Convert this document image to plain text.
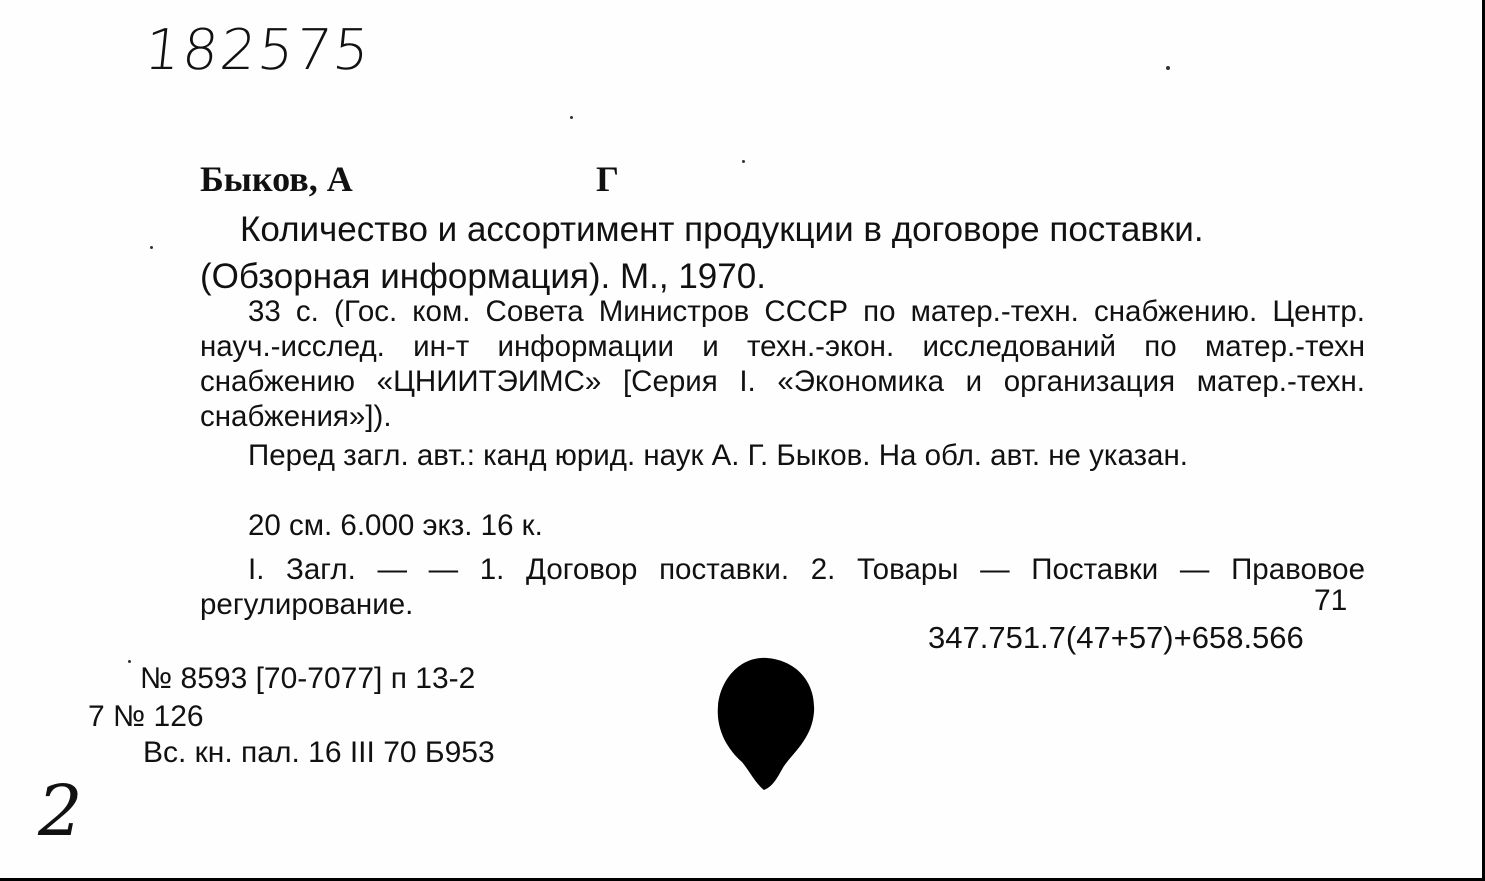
182575
Быков, А	Г
Количество и ассортимент продукции в договоре поставки. (Обзорная информация). М., 1970.
33 с. (Гос. ком. Совета Министров СССР по матер.-техн. снабжению. Центр. науч.-исслед. ин-т информации и техн.-экон. исследований по матер.-техн снабжению «ЦНИИТЭИМС» [Серия I. «Экономика и организация матер.-техн. снабжения»]).
Перед загл. авт.: канд юрид. наук А. Г. Быков. На обл. авт. не указан.
20 см. 6.000 экз. 16 к.
I. Загл. — — 1. Договор поставки. 2. Товары — Поставки — Правовое регулирование.	71
347.751.7(47+57)+658.566
№ 8593 [70-7077] п 13-2
7 № 126
Вс. кн. пал. 16 III 70 Б953
2
